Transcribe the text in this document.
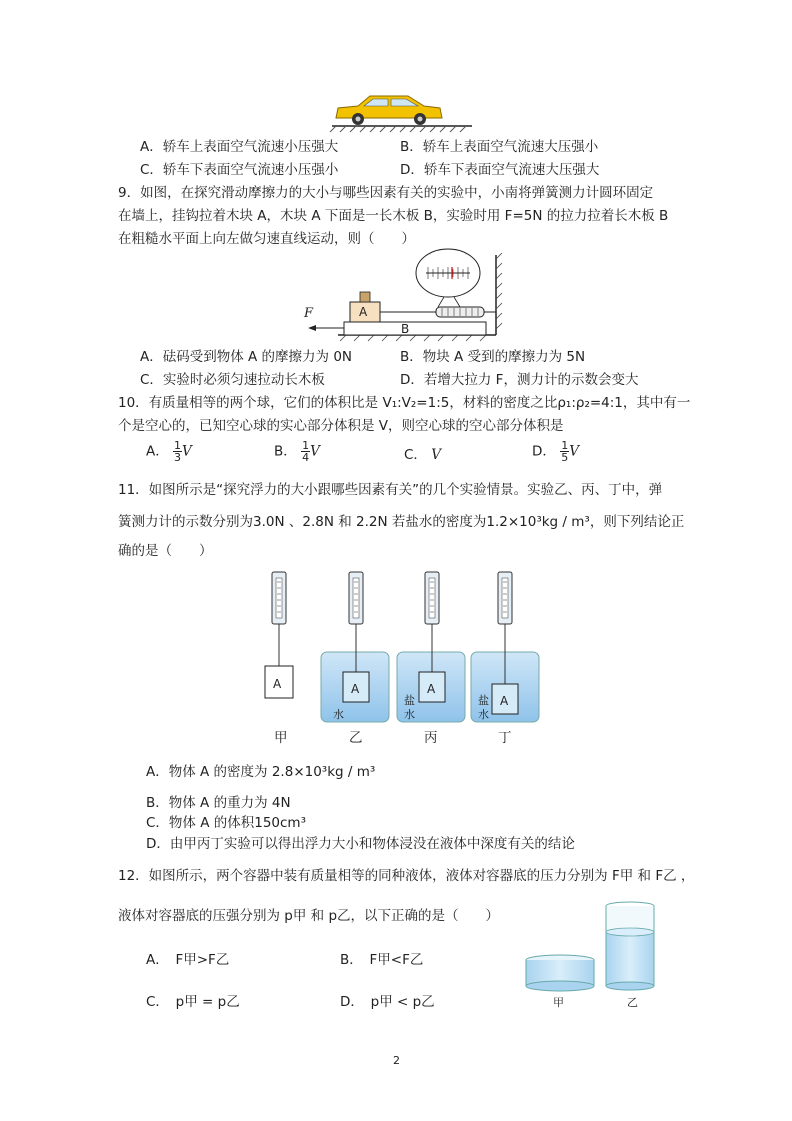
A．轿车上表面空气流速小压强大	B．轿车上表面空气流速大压强小
C．轿车下表面空气流速小压强小	D．轿车下表面空气流速大压强大
9．如图，在探究滑动摩擦力的大小与哪些因素有关的实验中，小南将弹簧测力计圆环固定
在墙上，挂钩拉着木块 A，木块 A 下面是一长木板 B，实验时用 F=5N 的拉力拉着长木板 B
在粗糙水平面上向左做匀速直线运动，则（　　）
F	A
B
A．砝码受到物体 A 的摩擦力为 0N	B．物块 A 受到的摩擦力为 5N
C．实验时必须匀速拉动长木板	D．若增大拉力 F，测力计的示数会变大
10．有质量相等的两个球，它们的体积比是 V₁:V₂=1:5，材料的密度之比ρ₁:ρ₂=4:1，其中有一
个是空心的，已知空心球的实心部分体积是 V，则空心球的空心部分体积是
A． $\frac{1}{3}$ V	B． $\frac{1}{4}$ V	C． V	D． $\frac{1}{5}$ V
11．如图所示是“探究浮力的大小跟哪些因素有关”的几个实验情景。实验乙、丙、丁中，弹
簧测力计的示数分别为3.0N 、2.8N 和 2.2N 若盐水的密度为1.2×10³kg / m³，则下列结论正
确的是（　　）
A	A	A
A
水
盐
水
盐
水
甲	乙	丙	丁
A．物体 A 的密度为 2.8×10³kg / m³
B．物体 A 的重力为 4N
C．物体 A 的体积150cm³
D．由甲丙丁实验可以得出浮力大小和物体浸没在液体中深度有关的结论
12．如图所示，两个容器中装有质量相等的同种液体，液体对容器底的压力分别为 F甲 和 F乙 ，
液体对容器底的压强分别为 p甲 和 p乙，以下正确的是（　　）
A．　F甲>F乙	B．　F甲<F乙
C．　p甲 = p乙	D．　p甲 < p乙	甲	乙
2
